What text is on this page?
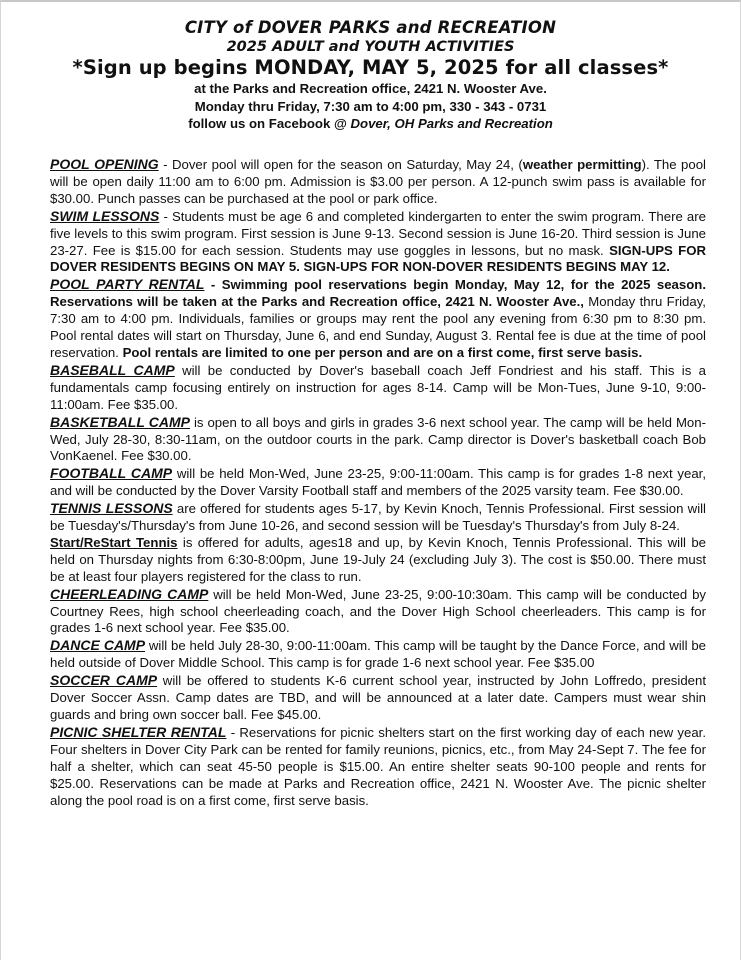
CITY of DOVER PARKS and RECREATION
2025 ADULT and YOUTH ACTIVITIES
*Sign up begins MONDAY, MAY 5, 2025 for all classes*
at the Parks and Recreation office, 2421 N. Wooster Ave.
Monday thru Friday, 7:30 am to 4:00 pm, 330 - 343 - 0731
follow us on Facebook @ Dover, OH Parks and Recreation

POOL OPENING - Dover pool will open for the season on Saturday, May 24, (weather permitting). The pool will be open daily 11:00 am to 6:00 pm. Admission is $3.00 per person. A 12-punch swim pass is available for $30.00. Punch passes can be purchased at the pool or park office.

SWIM LESSONS - Students must be age 6 and completed kindergarten to enter the swim program. There are five levels to this swim program. First session is June 9-13. Second session is June 16-20. Third session is June 23-27. Fee is $15.00 for each session. Students may use goggles in lessons, but no mask. SIGN-UPS FOR DOVER RESIDENTS BEGINS ON MAY 5. SIGN-UPS FOR NON-DOVER RESIDENTS BEGINS MAY 12.

POOL PARTY RENTAL - Swimming pool reservations begin Monday, May 12, for the 2025 season. Reservations will be taken at the Parks and Recreation office, 2421 N. Wooster Ave., Monday thru Friday, 7:30 am to 4:00 pm. Individuals, families or groups may rent the pool any evening from 6:30 pm to 8:30 pm. Pool rental dates will start on Thursday, June 6, and end Sunday, August 3. Rental fee is due at the time of pool reservation. Pool rentals are limited to one per person and are on a first come, first serve basis.

BASEBALL CAMP will be conducted by Dover's baseball coach Jeff Fondriest and his staff. This is a fundamentals camp focusing entirely on instruction for ages 8-14. Camp will be Mon-Tues, June 9-10, 9:00-11:00am. Fee $35.00.

BASKETBALL CAMP is open to all boys and girls in grades 3-6 next school year. The camp will be held Mon-Wed, July 28-30, 8:30-11am, on the outdoor courts in the park. Camp director is Dover's basketball coach Bob VonKaenel. Fee $30.00.

FOOTBALL CAMP will be held Mon-Wed, June 23-25, 9:00-11:00am. This camp is for grades 1-8 next year, and will be conducted by the Dover Varsity Football staff and members of the 2025 varsity team. Fee $30.00.

TENNIS LESSONS are offered for students ages 5-17, by Kevin Knoch, Tennis Professional. First session will be Tuesday's/Thursday's from June 10-26, and second session will be Tuesday's Thursday's from July 8-24.

Start/ReStart Tennis is offered for adults, ages18 and up, by Kevin Knoch, Tennis Professional. This will be held on Thursday nights from 6:30-8:00pm, June 19-July 24 (excluding July 3). The cost is $50.00. There must be at least four players registered for the class to run.

CHEERLEADING CAMP will be held Mon-Wed, June 23-25, 9:00-10:30am. This camp will be conducted by Courtney Rees, high school cheerleading coach, and the Dover High School cheerleaders. This camp is for grades 1-6 next school year. Fee $35.00.

DANCE CAMP will be held July 28-30, 9:00-11:00am. This camp will be taught by the Dance Force, and will be held outside of Dover Middle School. This camp is for grade 1-6 next school year. Fee $35.00

SOCCER CAMP will be offered to students K-6 current school year, instructed by John Loffredo, president Dover Soccer Assn. Camp dates are TBD, and will be announced at a later date. Campers must wear shin guards and bring own soccer ball. Fee $45.00.

PICNIC SHELTER RENTAL - Reservations for picnic shelters start on the first working day of each new year. Four shelters in Dover City Park can be rented for family reunions, picnics, etc., from May 24-Sept 7. The fee for half a shelter, which can seat 45-50 people is $15.00. An entire shelter seats 90-100 people and rents for $25.00. Reservations can be made at Parks and Recreation office, 2421 N. Wooster Ave. The picnic shelter along the pool road is on a first come, first serve basis.
